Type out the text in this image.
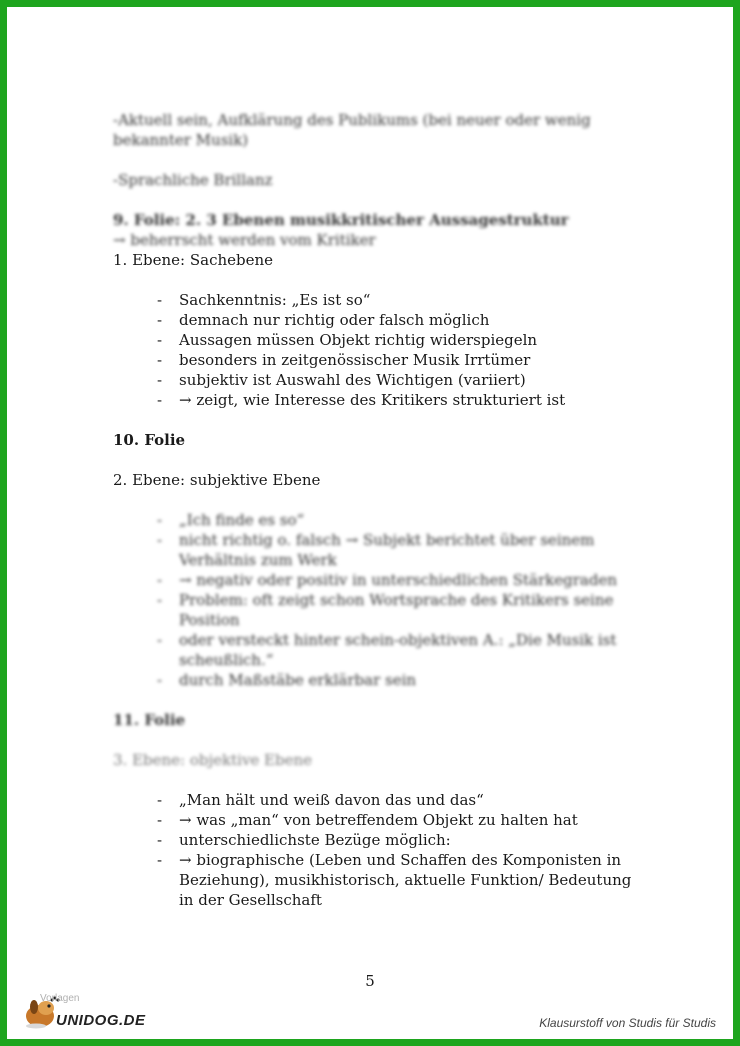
-Aktuell sein, Aufklärung des Publikums (bei neuer oder wenig bekannter Musik)

-Sprachliche Brillanz

9. Folie: 2. 3 Ebenen musikkritischer Aussagestruktur

→ beherrscht werden vom Kritiker

1. Ebene: Sachebene

- Sachkenntnis: „Es ist so“
- demnach nur richtig oder falsch möglich
- Aussagen müssen Objekt richtig widerspiegeln
- besonders in zeitgenössischer Musik Irrtümer
- subjektiv ist Auswahl des Wichtigen (variiert)
- → zeigt, wie Interesse des Kritikers strukturiert ist

10. Folie

2. Ebene: subjektive Ebene

- „Ich finde es so“
- nicht richtig o. falsch → Subjekt berichtet über seinem Verhältnis zum Werk
- → negativ oder positiv in unterschiedlichen Stärkegraden
- Problem: oft zeigt schon Wortsprache des Kritikers seine Position
- oder versteckt hinter schein-objektiven A.: „Die Musik ist scheußlich.“
- durch Maßstäbe erklärbar sein

11. Folie

3. Ebene: objektive Ebene

- „Man hält und weiß davon das und das“
- → was „man“ von betreffendem Objekt zu halten hat
- unterschiedlichste Bezüge möglich:
- → biographische (Leben und Schaffen des Komponisten in Beziehung), musikhistorisch, aktuelle Funktion/ Bedeutung in der Gesellschaft
5
Vorlagen
UNIDOG.DE	Klausurstoff von Studis für Studis
